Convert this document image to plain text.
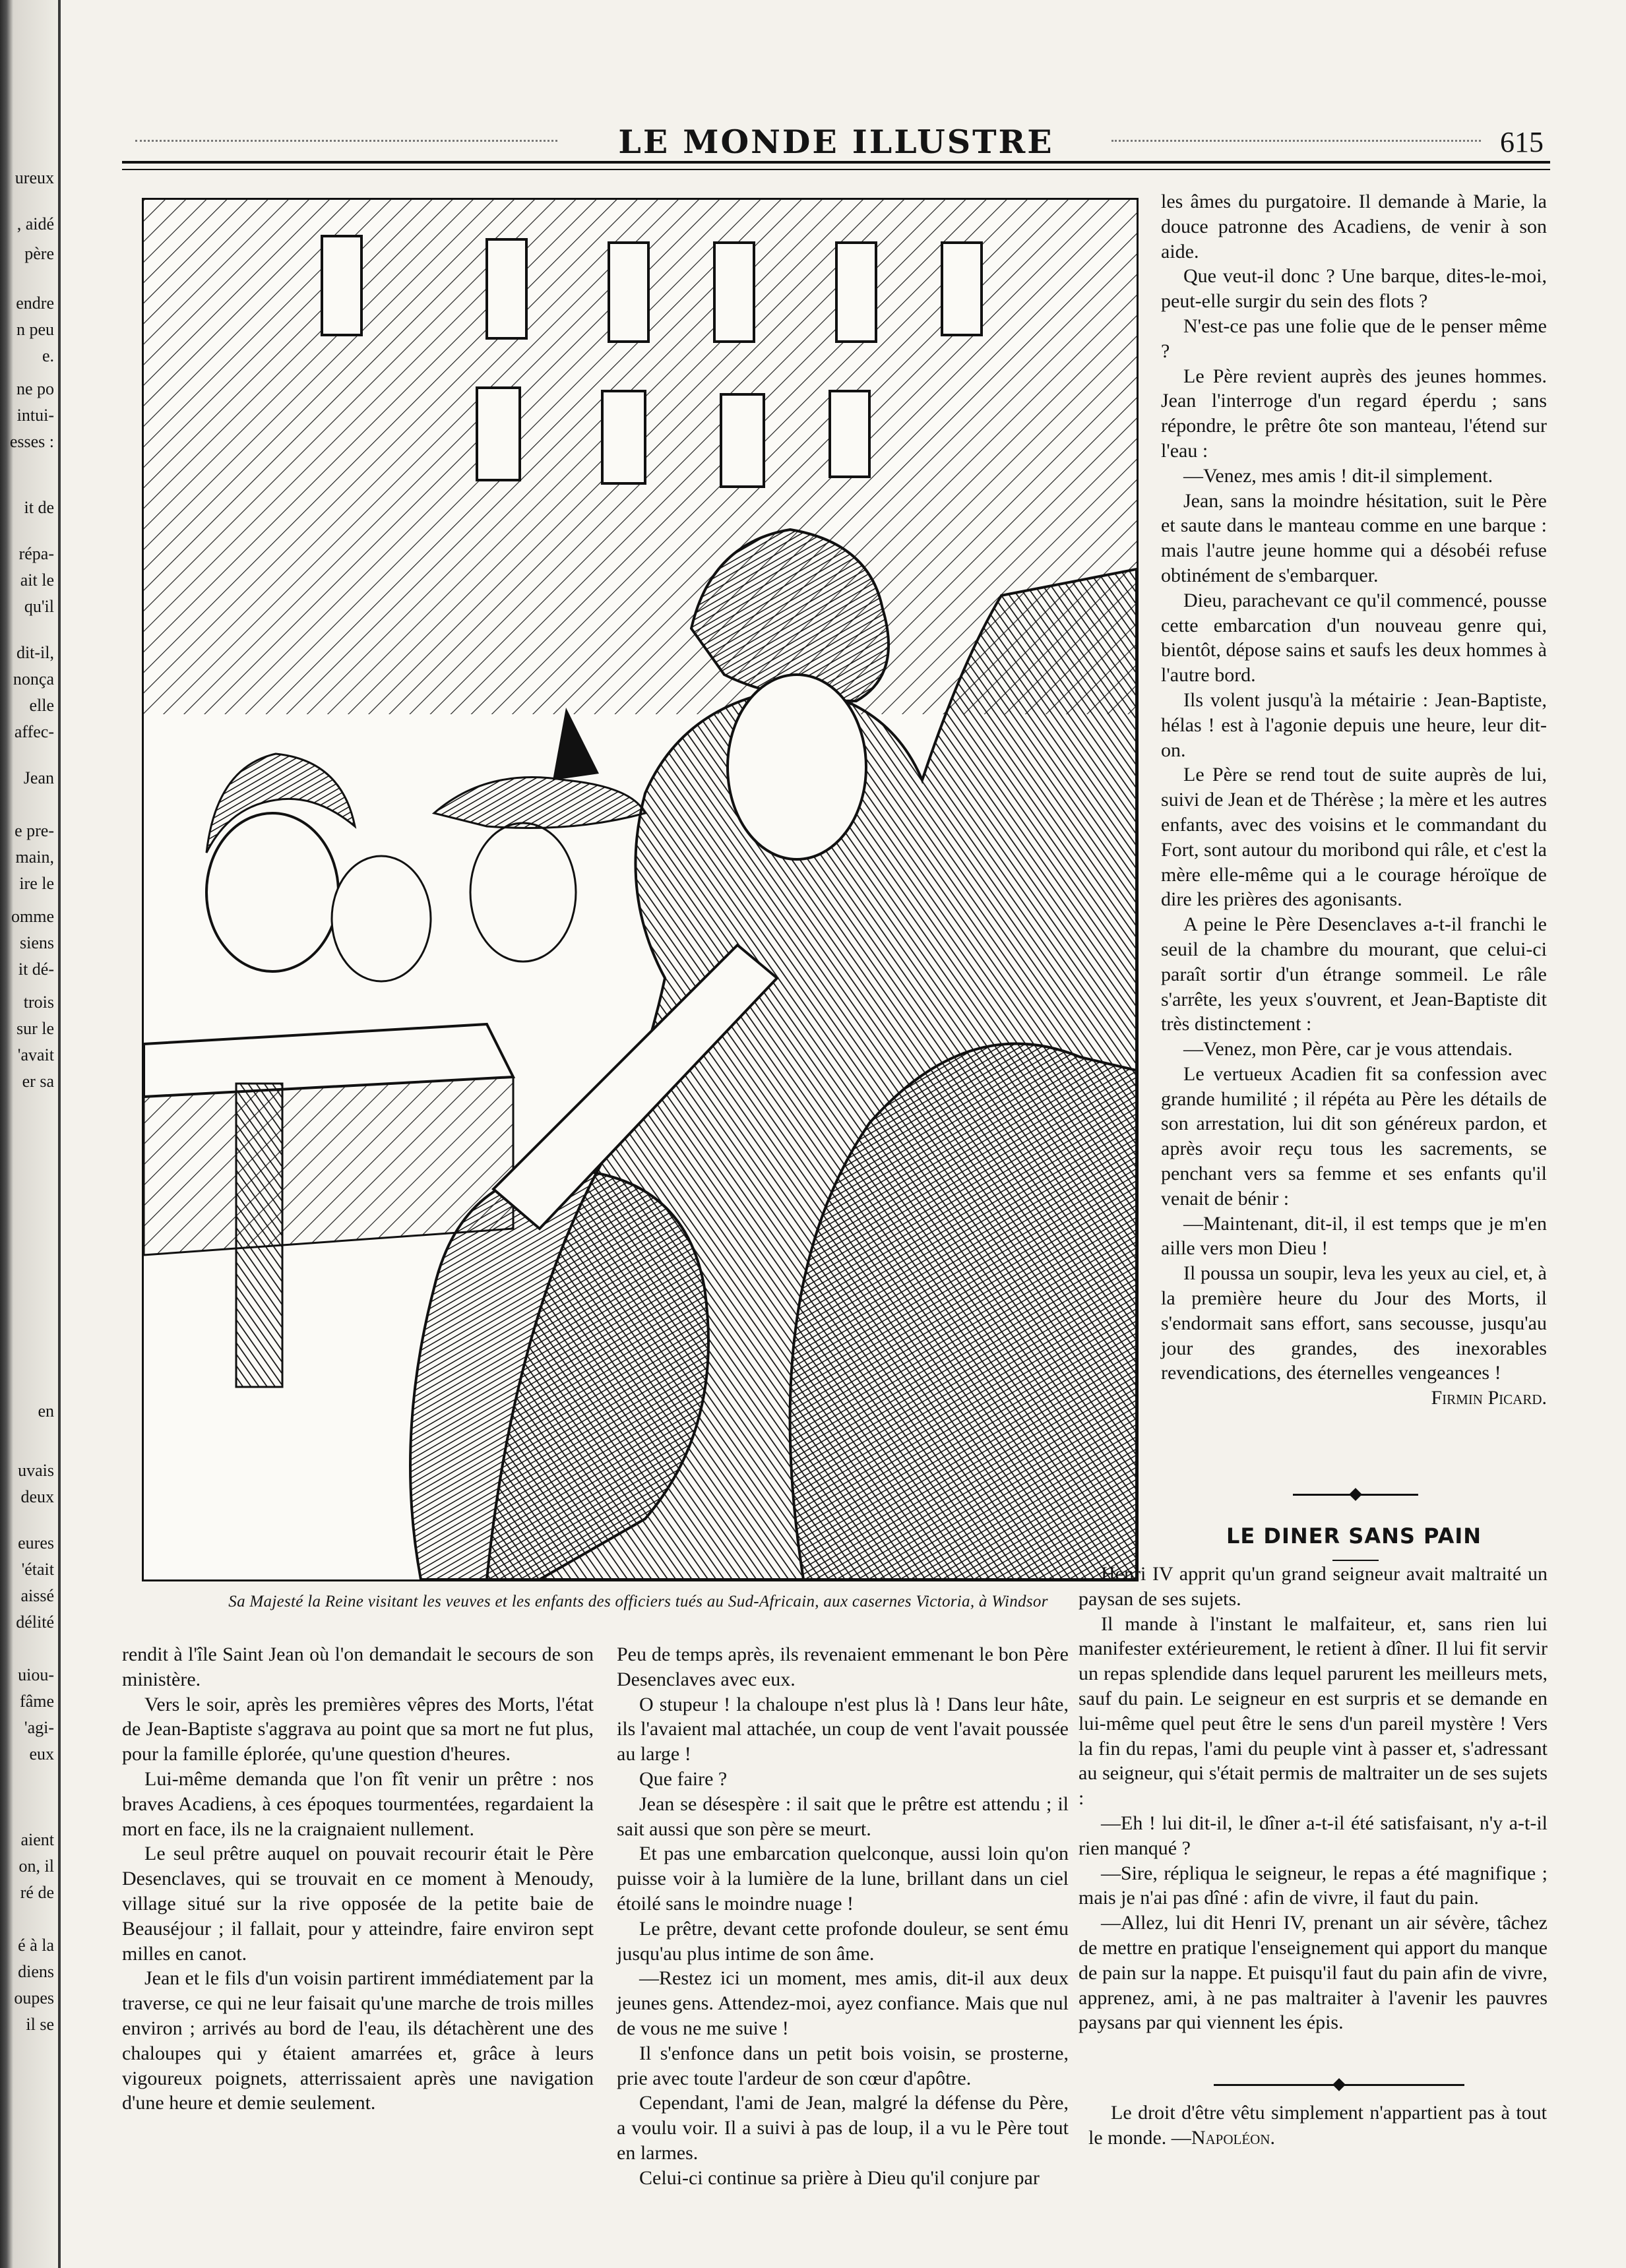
ureux
, aidé
père
endre
n peu
e.
ne po
intui-
esses :
it de
répa-
ait le
qu'il
dit-il,
nonça
elle
affec-
Jean
e pre-
main,
ire le
omme
siens
it dé-
trois
sur le
'avait
er sa
en
uvais
deux
eures
'était
aissé
délité
uiou-
fâme
'agi-
eux
aient
on, il
ré de
é à la
diens
oupes
il se
LE MONDE ILLUSTRE	615
Sa Majesté la Reine visitant les veuves et les enfants des officiers tués au Sud-Africain, aux casernes Victoria, à Windsor

les âmes du purgatoire. Il demande à Marie, la douce patronne des Acadiens, de venir à son aide.

Que veut-il donc ? Une barque, dites-le-moi, peut-elle surgir du sein des flots ?

N'est-ce pas une folie que de le penser même ?

Le Père revient auprès des jeunes hommes. Jean l'interroge d'un regard éperdu ; sans répondre, le prêtre ôte son manteau, l'étend sur l'eau :

—Venez, mes amis ! dit-il simplement.

Jean, sans la moindre hésitation, suit le Père et saute dans le manteau comme en une barque : mais l'autre jeune homme qui a désobéi refuse obtinément de s'embarquer.

Dieu, parachevant ce qu'il commencé, pousse cette embarcation d'un nouveau genre qui, bientôt, dépose sains et saufs les deux hommes à l'autre bord.

Ils volent jusqu'à la métairie : Jean-Baptiste, hélas ! est à l'agonie depuis une heure, leur dit-on.

Le Père se rend tout de suite auprès de lui, suivi de Jean et de Thérèse ; la mère et les autres enfants, avec des voisins et le commandant du Fort, sont autour du moribond qui râle, et c'est la mère elle-même qui a le courage héroïque de dire les prières des agonisants.

A peine le Père Desenclaves a-t-il franchi le seuil de la chambre du mourant, que celui-ci paraît sortir d'un étrange sommeil. Le râle s'arrête, les yeux s'ouvrent, et Jean-Baptiste dit très distinctement :

—Venez, mon Père, car je vous attendais.

Le vertueux Acadien fit sa confession avec grande humilité ; il répéta au Père les détails de son arrestation, lui dit son généreux pardon, et après avoir reçu tous les sacrements, se penchant vers sa femme et ses enfants qu'il venait de bénir :

—Maintenant, dit-il, il est temps que je m'en aille vers mon Dieu !

Il poussa un soupir, leva les yeux au ciel, et, à la première heure du Jour des Morts, il s'endormait sans effort, sans secousse, jusqu'au jour des grandes, des inexorables revendications, des éternelles vengeances !

Firmin Picard.

LE DINER SANS PAIN

Henri IV apprit qu'un grand seigneur avait maltraité un paysan de ses sujets.

Il mande à l'instant le malfaiteur, et, sans rien lui manifester extérieurement, le retient à dîner. Il lui fit servir un repas splendide dans lequel parurent les meilleurs mets, sauf du pain. Le seigneur en est surpris et se demande en lui-même quel peut être le sens d'un pareil mystère ! Vers la fin du repas, l'ami du peuple vint à passer et, s'adressant au seigneur, qui s'était permis de maltraiter un de ses sujets :

—Eh ! lui dit-il, le dîner a-t-il été satisfaisant, n'y a-t-il rien manqué ?

—Sire, répliqua le seigneur, le repas a été magnifique ; mais je n'ai pas dîné : afin de vivre, il faut du pain.

—Allez, lui dit Henri IV, prenant un air sévère, tâchez de mettre en pratique l'enseignement qui apport du manque de pain sur la nappe. Et puisqu'il faut du pain afin de vivre, apprenez, ami, à ne pas maltraiter à l'avenir les pauvres paysans par qui viennent les épis.

Le droit d'être vêtu simplement n'appartient pas à tout le monde. —Napoléon.

rendit à l'île Saint Jean où l'on demandait le secours de son ministère.

Vers le soir, après les premières vêpres des Morts, l'état de Jean-Baptiste s'aggrava au point que sa mort ne fut plus, pour la famille éplorée, qu'une question d'heures.

Lui-même demanda que l'on fît venir un prêtre : nos braves Acadiens, à ces époques tourmentées, regardaient la mort en face, ils ne la craignaient nullement.

Le seul prêtre auquel on pouvait recourir était le Père Desenclaves, qui se trouvait en ce moment à Menoudy, village situé sur la rive opposée de la petite baie de Beauséjour ; il fallait, pour y atteindre, faire environ sept milles en canot.

Jean et le fils d'un voisin partirent immédiatement par la traverse, ce qui ne leur faisait qu'une marche de trois milles environ ; arrivés au bord de l'eau, ils détachèrent une des chaloupes qui y étaient amarrées et, grâce à leurs vigoureux poignets, atterrissaient après une navigation d'une heure et demie seulement.

Peu de temps après, ils revenaient emmenant le bon Père Desenclaves avec eux.

O stupeur ! la chaloupe n'est plus là ! Dans leur hâte, ils l'avaient mal attachée, un coup de vent l'avait poussée au large !

Que faire ?

Jean se désespère : il sait que le prêtre est attendu ; il sait aussi que son père se meurt.

Et pas une embarcation quelconque, aussi loin qu'on puisse voir à la lumière de la lune, brillant dans un ciel étoilé sans le moindre nuage !

Le prêtre, devant cette profonde douleur, se sent ému jusqu'au plus intime de son âme.

—Restez ici un moment, mes amis, dit-il aux deux jeunes gens. Attendez-moi, ayez confiance. Mais que nul de vous ne me suive !

Il s'enfonce dans un petit bois voisin, se prosterne, prie avec toute l'ardeur de son cœur d'apôtre.

Cependant, l'ami de Jean, malgré la défense du Père, a voulu voir. Il a suivi à pas de loup, il a vu le Père tout en larmes.

Celui-ci continue sa prière à Dieu qu'il conjure par
